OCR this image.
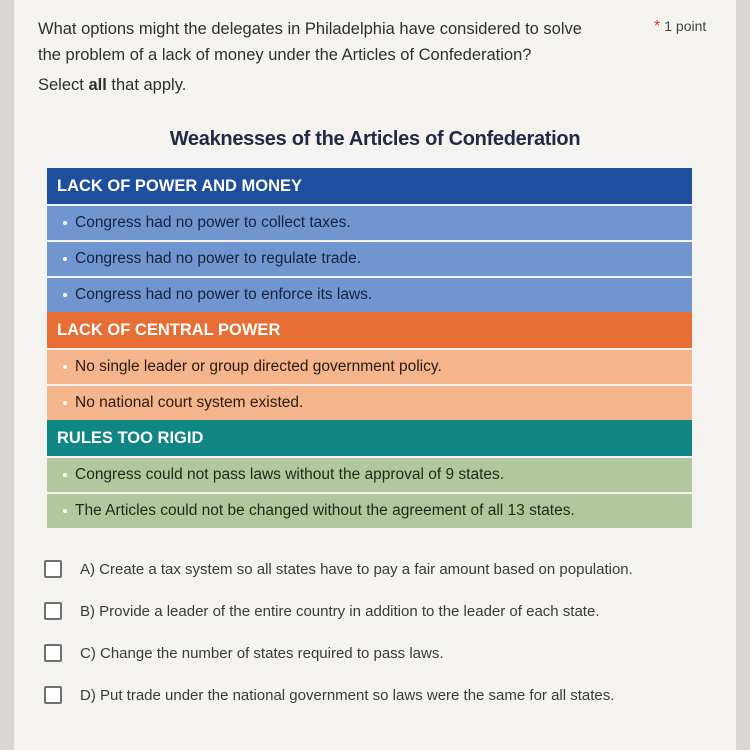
What options might the delegates in Philadelphia have considered to solve
the problem of a lack of money under the Articles of Confederation?
Select all that apply.
* 1 point
Weaknesses of the Articles of Confederation
LACK OF POWER AND MONEY
Congress had no power to collect taxes.
Congress had no power to regulate trade.
Congress had no power to enforce its laws.
LACK OF CENTRAL POWER
No single leader or group directed government policy.
No national court system existed.
RULES TOO RIGID
Congress could not pass laws without the approval of 9 states.
The Articles could not be changed without the agreement of all 13 states.
A) Create a tax system so all states have to pay a fair amount based on population.
B) Provide a leader of the entire country in addition to the leader of each state.
C) Change the number of states required to pass laws.
D) Put trade under the national government so laws were the same for all states.
